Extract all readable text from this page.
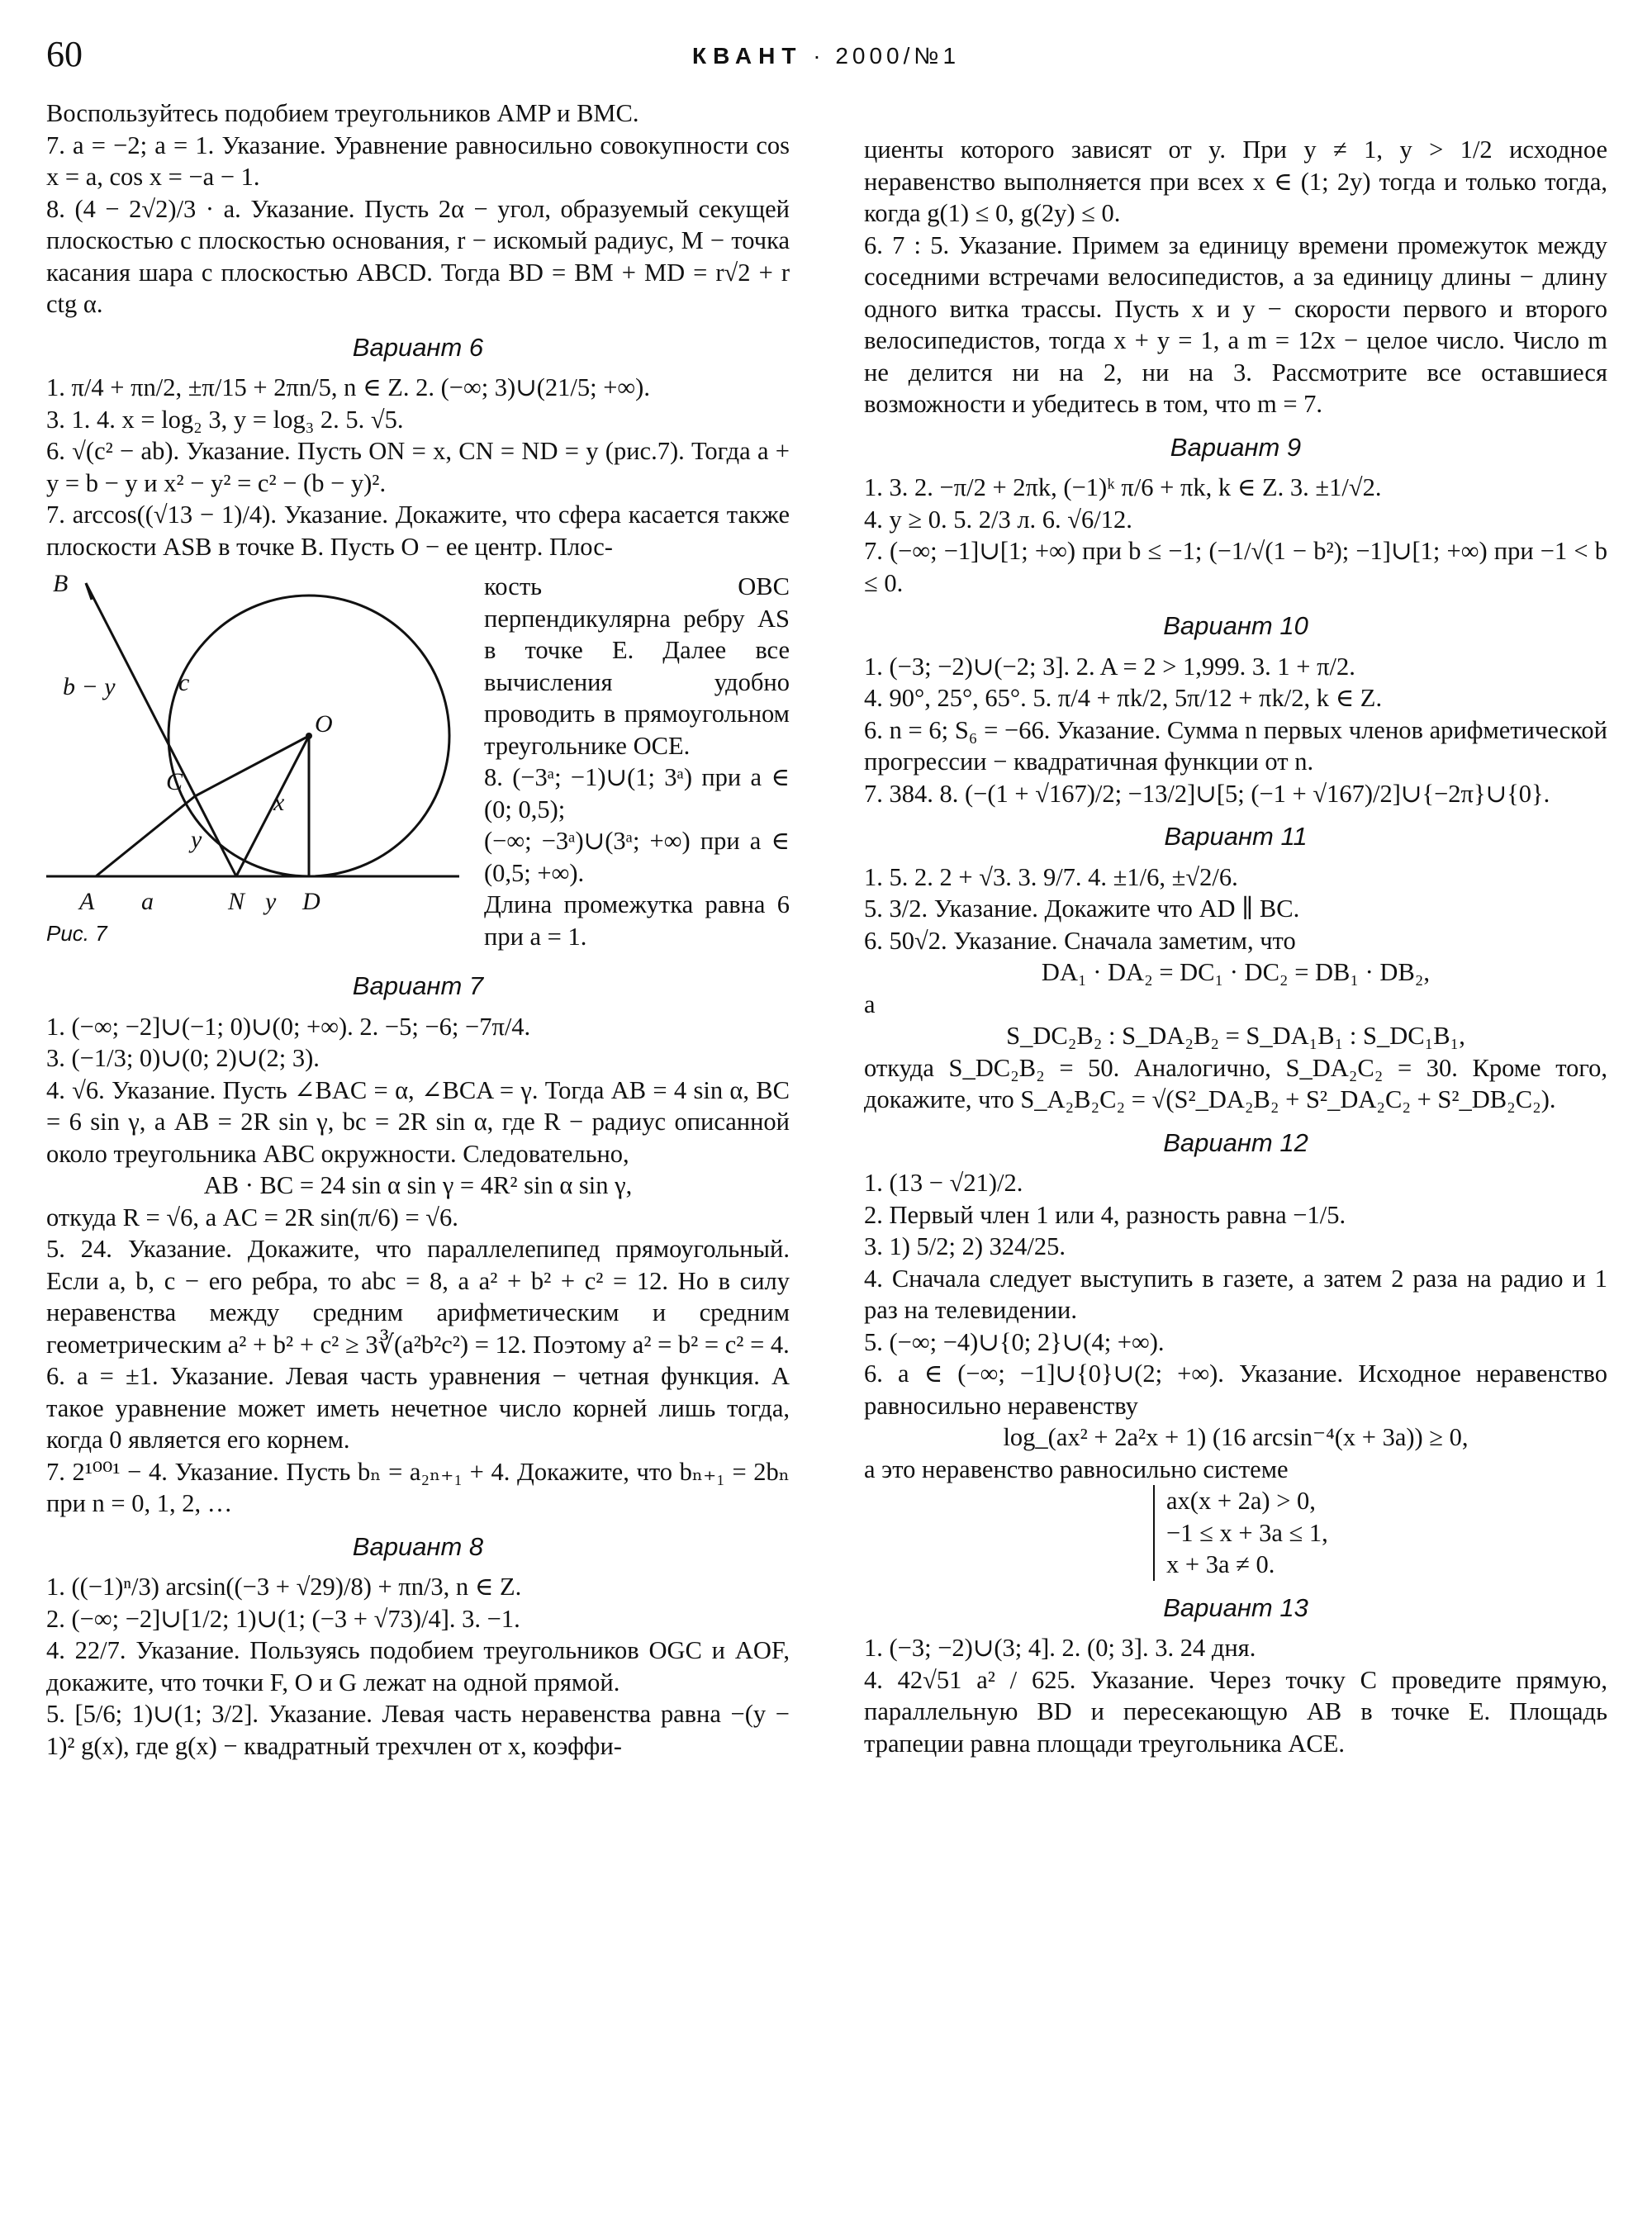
60	КВАНТ · 2000/№1

Воспользуйтесь подобием треугольников AMP и BMC.

7. a = −2; a = 1. Указание. Уравнение равносильно совокупности cos x = a, cos x = −a − 1.

8. (4 − 2√2)/3 · a. Указание. Пусть 2α − угол, образуемый секущей плоскостью с плоскостью основания, r − искомый радиус, M − точка касания шара с плоскостью ABCD. Тогда BD = BM + MD = r√2 + r ctg α.

Вариант 6

1. π/4 + πn/2, ±π/15 + 2πn/5, n ∈ Z. 2. (−∞; 3)∪(21/5; +∞).

3. 1. 4. x = log₂ 3, y = log₃ 2. 5. √5.

6. √(c² − ab). Указание. Пусть ON = x, CN = ND = y (рис.7). Тогда a + y = b − y и x² − y² = c² − (b − y)².

7. arccos((√13 − 1)/4). Указание. Докажите, что сфера касается также плоскости ASB в точке B. Пусть O − ее центр. Плос-

B
c
b − y
O
C
x
y
A a	N y D
Рис. 7

кость OBC перпендикулярна ребру AS в точке E. Далее все вычисления удобно проводить в прямоугольном треугольнике OCE.

8. (−3ᵃ; −1)∪(1; 3ᵃ) при a ∈ (0; 0,5);

(−∞; −3ᵃ)∪(3ᵃ; +∞) при a ∈ (0,5; +∞).

Длина промежутка равна 6 при a = 1.

Вариант 7

1. (−∞; −2]∪(−1; 0)∪(0; +∞). 2. −5; −6; −7π/4.

3. (−1/3; 0)∪(0; 2)∪(2; 3).

4. √6. Указание. Пусть ∠BAC = α, ∠BCA = γ. Тогда AB = 4 sin α, BC = 6 sin γ, а AB = 2R sin γ, bc = 2R sin α, где R − радиус описанной около треугольника ABC окружности. Следовательно,

AB · BC = 24 sin α sin γ = 4R² sin α sin γ,

откуда R = √6, а AC = 2R sin(π/6) = √6.

5. 24. Указание. Докажите, что параллелепипед прямоугольный. Если a, b, c − его ребра, то abc = 8, а a² + b² + c² = 12. Но в силу неравенства между средним арифметическим и средним геометрическим a² + b² + c² ≥ 3∛(a²b²c²) = 12. Поэтому a² = b² = c² = 4.

6. a = ±1. Указание. Левая часть уравнения − четная функция. А такое уравнение может иметь нечетное число корней лишь тогда, когда 0 является его корнем.

7. 2¹⁰⁰¹ − 4. Указание. Пусть bₙ = a₂ₙ₊₁ + 4. Докажите, что bₙ₊₁ = 2bₙ при n = 0, 1, 2, …

Вариант 8

1. ((−1)ⁿ/3) arcsin((−3 + √29)/8) + πn/3, n ∈ Z.

2. (−∞; −2]∪[1/2; 1)∪(1; (−3 + √73)/4]. 3. −1.

4. 22/7. Указание. Пользуясь подобием треугольников OGC и AOF, докажите, что точки F, O и G лежат на одной прямой.

5. [5/6; 1)∪(1; 3/2]. Указание. Левая часть неравенства равна −(y − 1)² g(x), где g(x) − квадратный трехчлен от x, коэффи-

циенты которого зависят от y. При y ≠ 1, y > 1/2 исходное неравенство выполняется при всех x ∈ (1; 2y) тогда и только тогда, когда g(1) ≤ 0, g(2y) ≤ 0.

6. 7 : 5. Указание. Примем за единицу времени промежуток между соседними встречами велосипедистов, а за единицу длины − длину одного витка трассы. Пусть x и y − скорости первого и второго велосипедистов, тогда x + y = 1, а m = 12x − целое число. Число m не делится ни на 2, ни на 3. Рассмотрите все оставшиеся возможности и убедитесь в том, что m = 7.

Вариант 9

1. 3. 2. −π/2 + 2πk, (−1)ᵏ π/6 + πk, k ∈ Z. 3. ±1/√2.

4. y ≥ 0. 5. 2/3 л. 6. √6/12.

7. (−∞; −1]∪[1; +∞) при b ≤ −1; (−1/√(1 − b²); −1]∪[1; +∞) при −1 < b ≤ 0.

Вариант 10

1. (−3; −2)∪(−2; 3]. 2. A = 2 > 1,999. 3. 1 + π/2.

4. 90°, 25°, 65°. 5. π/4 + πk/2, 5π/12 + πk/2, k ∈ Z.

6. n = 6; S₆ = −66. Указание. Сумма n первых членов арифметической прогрессии − квадратичная функции от n.

7. 384. 8. (−(1 + √167)/2; −13/2]∪[5; (−1 + √167)/2]∪{−2π}∪{0}.

Вариант 11

1. 5. 2. 2 + √3. 3. 9/7. 4. ±1/6, ±√2/6.

5. 3/2. Указание. Докажите что AD ∥ BC.

6. 50√2. Указание. Сначала заметим, что

DA₁ · DA₂ = DC₁ · DC₂ = DB₁ · DB₂,

а

S_DC₂B₂ : S_DA₂B₂ = S_DA₁B₁ : S_DC₁B₁,

откуда S_DC₂B₂ = 50. Аналогично, S_DA₂C₂ = 30. Кроме того, докажите, что S_A₂B₂C₂ = √(S²_DA₂B₂ + S²_DA₂C₂ + S²_DB₂C₂).

Вариант 12

1. (13 − √21)/2.

2. Первый член 1 или 4, разность равна −1/5.

3. 1) 5/2; 2) 324/25.

4. Сначала следует выступить в газете, а затем 2 раза на радио и 1 раз на телевидении.

5. (−∞; −4)∪{0; 2}∪(4; +∞).

6. a ∈ (−∞; −1]∪{0}∪(2; +∞). Указание. Исходное неравенство равносильно неравенству

log_(ax² + 2a²x + 1) (16 arcsin⁻⁴(x + 3a)) ≥ 0,

а это неравенство равносильно системе

ax(x + 2a) > 0,

−1 ≤ x + 3a ≤ 1,

x + 3a ≠ 0.

Вариант 13

1. (−3; −2)∪(3; 4]. 2. (0; 3]. 3. 24 дня.

4. 42√51 a² / 625. Указание. Через точку C проведите прямую, параллельную BD и пересекающую AB в точке E. Площадь трапеции равна площади треугольника ACE.
